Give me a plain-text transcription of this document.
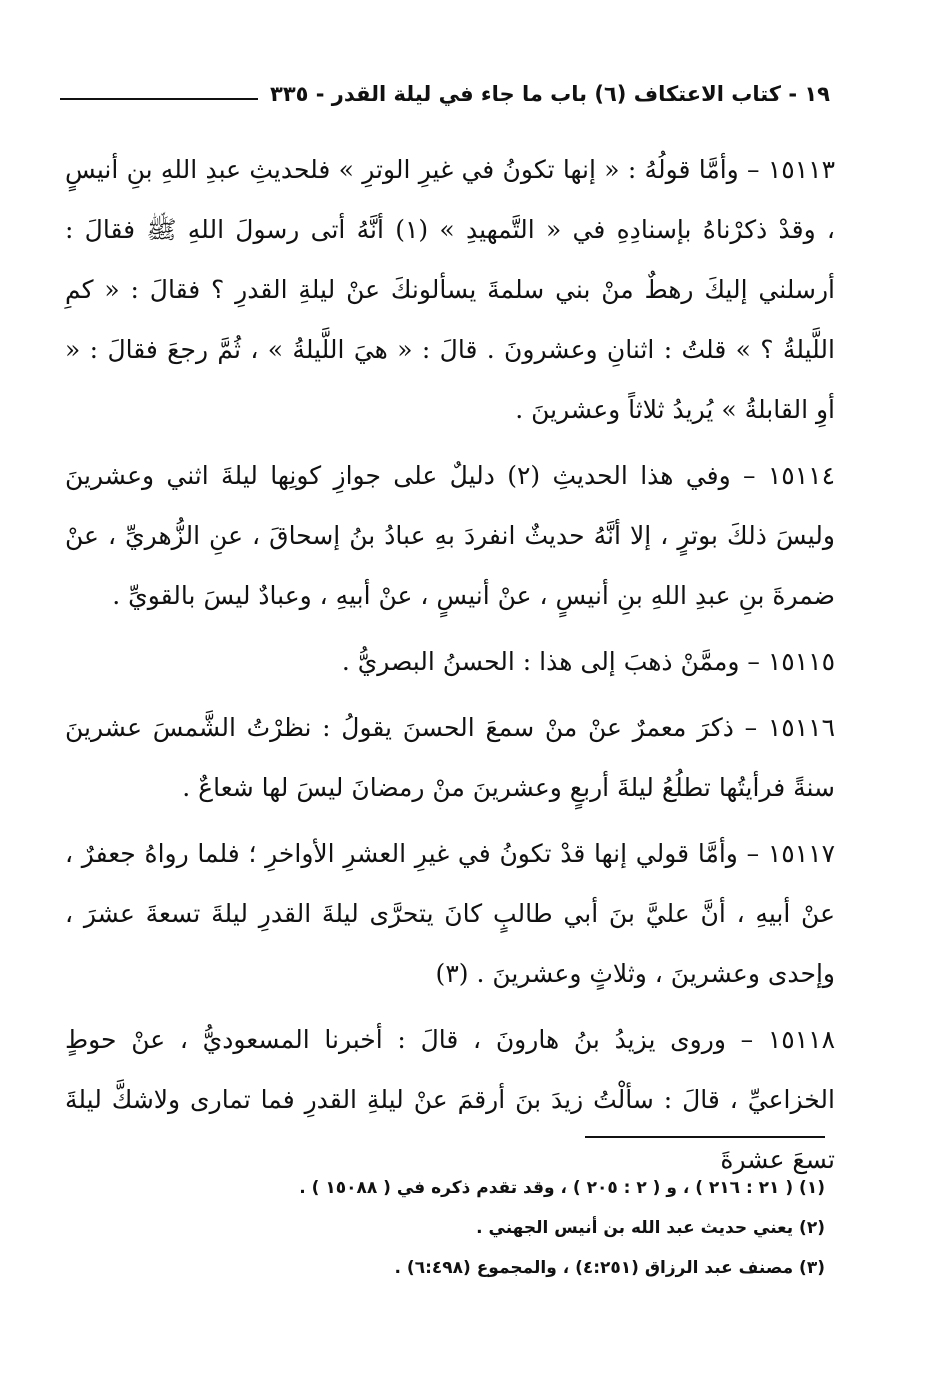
١٩ - كتاب الاعتكاف (٦) باب ما جاء في ليلة القدر - ٣٣٥

١٥١١٣ – وأمَّا قولُهُ : « إنها تكونُ في غيرِ الوترِ » فلحديثِ عبدِ اللهِ بنِ أنيسٍ ، وقدْ ذكرْناهُ بإسنادِهِ في « التَّمهيدِ » (١) أنَّهُ أتى رسولَ اللهِ ﷺ فقالَ : أرسلني إليكَ رهطٌ منْ بني سلمةَ يسألونكَ عنْ ليلةِ القدرِ ؟ فقالَ : « كمِ اللَّيلةُ ؟ » قلتُ : اثنانِ وعشرونَ . قالَ : « هيَ اللَّيلةُ » ، ثُمَّ رجعَ فقالَ : « أوِ القابلةُ » يُريدُ ثلاثاً وعشرينَ .

١٥١١٤ – وفي هذا الحديثِ (٢) دليلٌ على جوازِ كونِها ليلةَ اثني وعشرينَ وليسَ ذلكَ بوترٍ ، إلا أنَّهُ حديثٌ انفردَ بهِ عبادُ بنُ إسحاقَ ، عنِ الزُّهريِّ ، عنْ ضمرةَ بنِ عبدِ اللهِ بنِ أنيسٍ ، عنْ أنيسٍ ، عنْ أبيهِ ، وعبادٌ ليسَ بالقويِّ .

١٥١١٥ – وممَّنْ ذهبَ إلى هذا : الحسنُ البصريُّ .

١٥١١٦ – ذكرَ معمرٌ عنْ منْ سمعَ الحسنَ يقولُ : نظرْتُ الشَّمسَ عشرينَ سنةً فرأيتُها تطلُعُ ليلةَ أربعٍ وعشرينَ منْ رمضانَ ليسَ لها شعاعٌ .

١٥١١٧ – وأمَّا قولي إنها قدْ تكونُ في غيرِ العشرِ الأواخرِ ؛ فلما رواهُ جعفرٌ ، عنْ أبيهِ ، أنَّ عليَّ بنَ أبي طالبٍ كانَ يتحرَّى ليلةَ القدرِ ليلةَ تسعةَ عشرَ ، وإحدى وعشرينَ ، وثلاثٍ وعشرينَ . (٣)

١٥١١٨ – وروى يزيدُ بنُ هارونَ ، قالَ : أخبرنا المسعوديُّ ، عنْ حوطٍ الخزاعيِّ ، قالَ : سألْتُ زيدَ بنَ أرقمَ عنْ ليلةِ القدرِ فما تمارى ولاشكَّ ليلةَ تسعَ عشرةَ

(١) ( ٢١ : ٢١٦ ) ، و ( ٢ : ٢٠٥ ) ، وقد تقدم ذكره في ( ١٥٠٨٨ ) .

(٢) يعني حديث عبد الله بن أنيس الجهني .

(٣) مصنف عبد الرزاق (٤:٢٥١) ، والمجموع (٦:٤٩٨) .
